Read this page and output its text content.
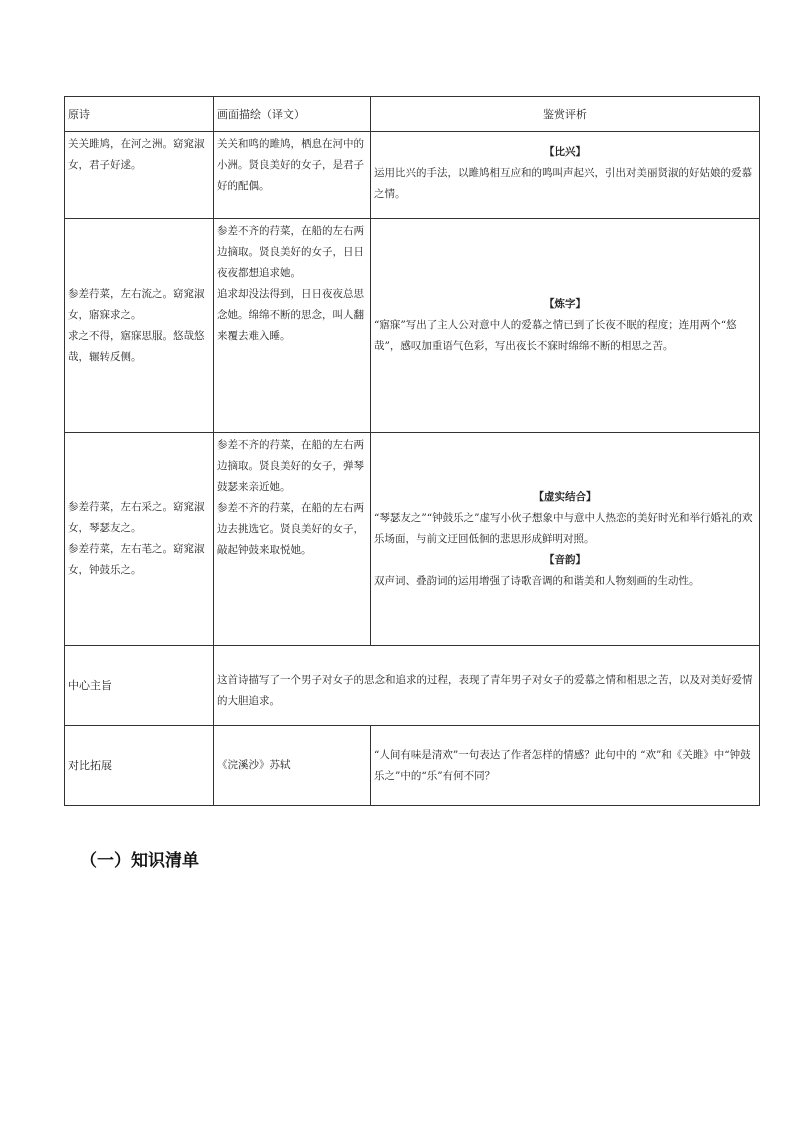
原诗	画面描绘（译文）	鉴赏评析
关关雎鸠，在河之洲。窈窕淑女，君子好逑。	关关和鸣的雎鸠，栖息在河中的小洲。贤良美好的女子，是君子好的配偶。	【比兴】
运用比兴的手法，以雎鸠相互应和的鸣叫声起兴，引出对美丽贤淑的好姑娘的爱慕之情。

参差荇菜，左右流之。窈窕淑女，寤寐求之。
求之不得，寤寐思服。悠哉悠哉，辗转反侧。	参差不齐的荇菜，在船的左右两边摘取。贤良美好的女子，日日夜夜都想追求她。
追求却没法得到，日日夜夜总思念她。绵绵不断的思念，叫人翻来覆去难入睡。	【炼字】
“寤寐”写出了主人公对意中人的爱慕之情已到了长夜不眠的程度；连用两个“悠哉”，感叹加重语气色彩，写出夜长不寐时绵绵不断的相思之苦。

参差荇菜，左右采之。窈窕淑女，琴瑟友之。
参差荇菜，左右芼之。窈窕淑女，钟鼓乐之。	参差不齐的荇菜，在船的左右两边摘取。贤良美好的女子，弹琴鼓瑟来亲近她。
参差不齐的荇菜，在船的左右两边去挑选它。贤良美好的女子，敲起钟鼓来取悦她。	【虚实结合】
“琴瑟友之”“钟鼓乐之”虚写小伙子想象中与意中人热恋的美好时光和举行婚礼的欢乐场面，与前文迂回低徊的悲思形成鲜明对照。
【音韵】
双声词、叠韵词的运用增强了诗歌音调的和谐美和人物刻画的生动性。

中心主旨	这首诗描写了一个男子对女子的思念和追求的过程，表现了青年男子对女子的爱慕之情和相思之苦，以及对美好爱情的大胆追求。	

对比拓展	《浣溪沙》苏轼	“人间有味是清欢”一句表达了作者怎样的情感？此句中的 “欢”和《关雎》中“钟鼓乐之”中的“乐”有何不同？
（一）知识清单
